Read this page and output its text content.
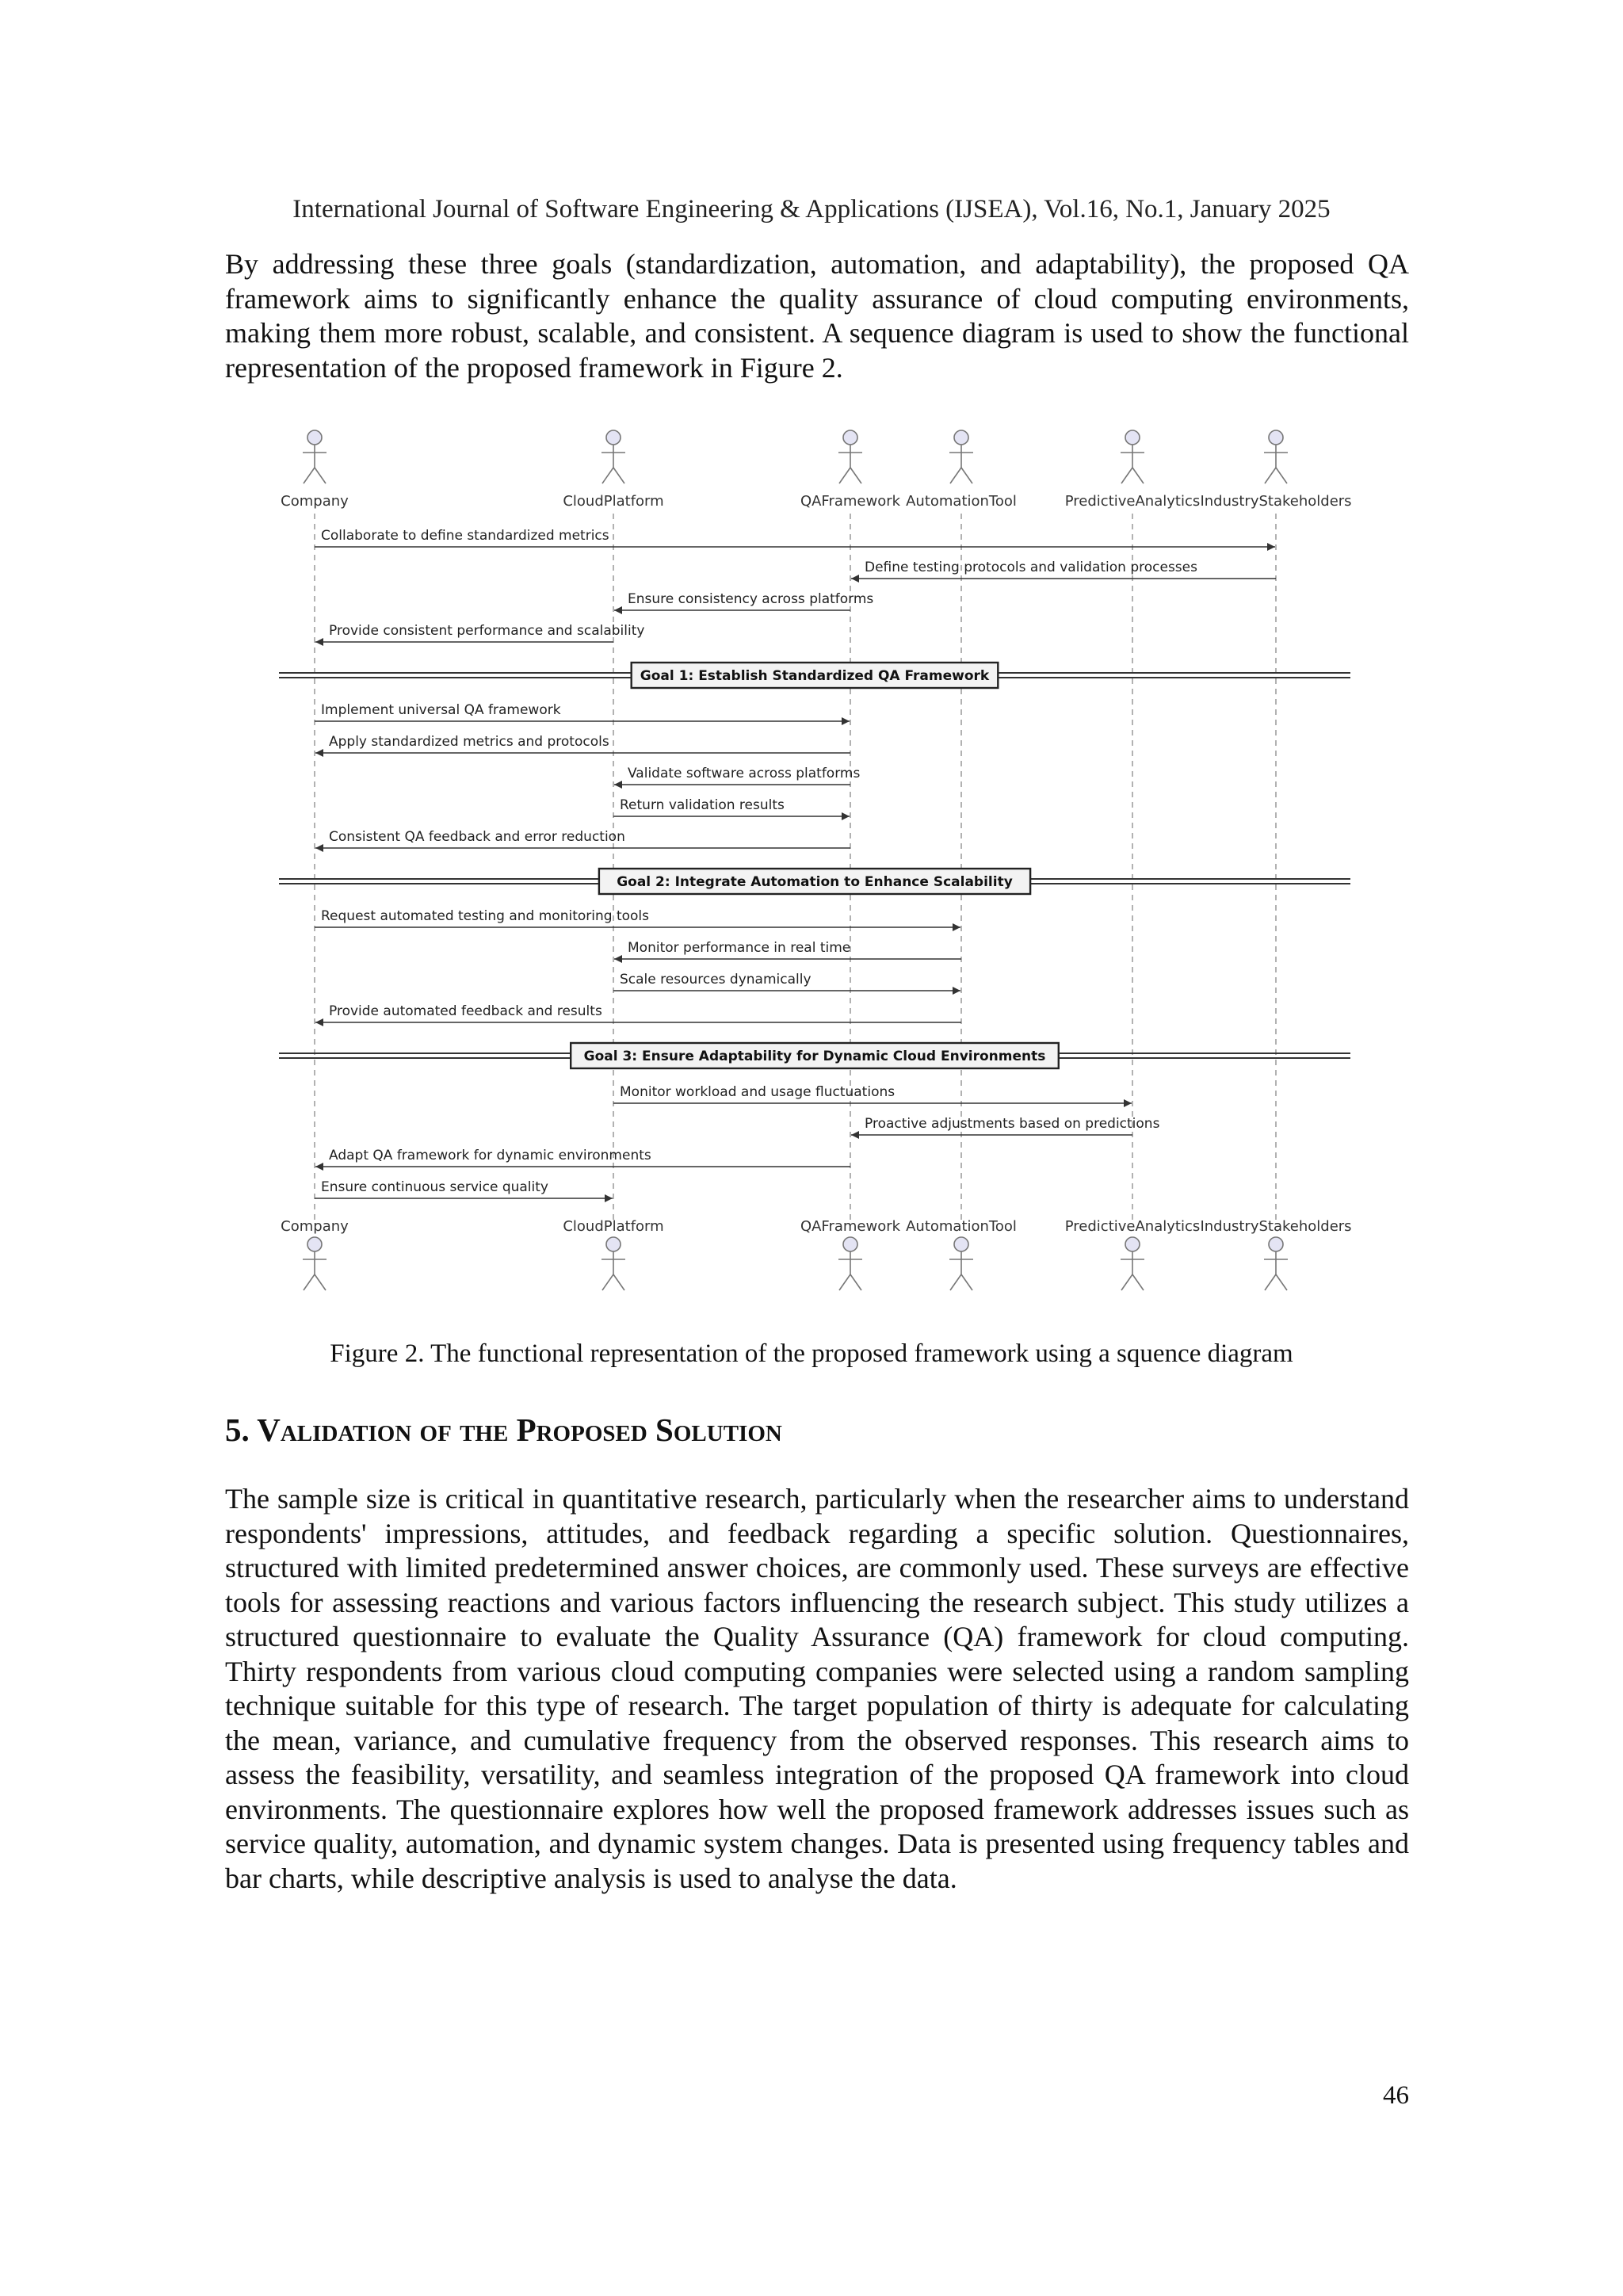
International Journal of Software Engineering & Applications (IJSEA), Vol.16, No.1, January 2025

By addressing these three goals (standardization, automation, and adaptability), the proposed QA framework aims to significantly enhance the quality assurance of cloud computing environments, making them more robust, scalable, and consistent. A sequence diagram is used to show the functional representation of the proposed framework in Figure 2.

Company
Company
CloudPlatform
CloudPlatform
QAFramework
QAFramework
AutomationTool
AutomationTool
PredictiveAnalytics
PredictiveAnalytics
IndustryStakeholders
IndustryStakeholders
Collaborate to define standardized metrics
Define testing protocols and validation processes
Ensure consistency across platforms
Provide consistent performance and scalability
Goal 1: Establish Standardized QA Framework
Implement universal QA framework
Apply standardized metrics and protocols
Validate software across platforms
Return validation results
Consistent QA feedback and error reduction
Goal 2: Integrate Automation to Enhance Scalability
Request automated testing and monitoring tools
Monitor performance in real time
Scale resources dynamically
Provide automated feedback and results
Goal 3: Ensure Adaptability for Dynamic Cloud Environments
Monitor workload and usage fluctuations
Proactive adjustments based on predictions
Adapt QA framework for dynamic environments
Ensure continuous service quality
Figure 2. The functional representation of the proposed framework using a squence diagram
5. Validation of the Proposed Solution

The sample size is critical in quantitative research, particularly when the researcher aims to understand respondents' impressions, attitudes, and feedback regarding a specific solution. Questionnaires, structured with limited predetermined answer choices, are commonly used. These surveys are effective tools for assessing reactions and various factors influencing the research subject. This study utilizes a structured questionnaire to evaluate the Quality Assurance (QA) framework for cloud computing. Thirty respondents from various cloud computing companies were selected using a random sampling technique suitable for this type of research. The target population of thirty is adequate for calculating the mean, variance, and cumulative frequency from the observed responses. This research aims to assess the feasibility, versatility, and seamless integration of the proposed QA framework into cloud environments. The questionnaire explores how well the proposed framework addresses issues such as service quality, automation, and dynamic system changes. Data is presented using frequency tables and bar charts, while descriptive analysis is used to analyse the data.

46
